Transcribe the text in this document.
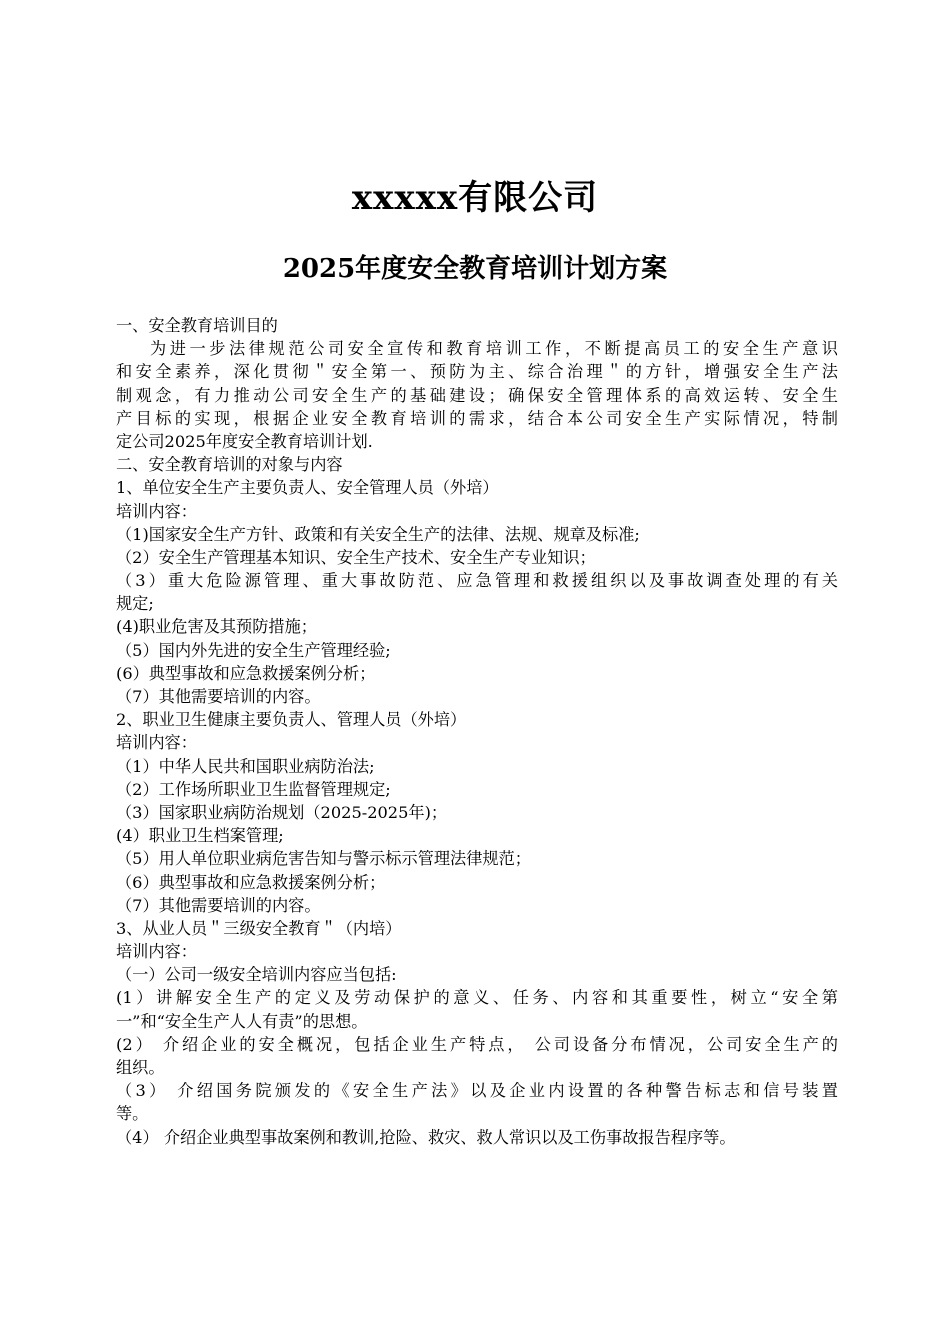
xxxxx有限公司
2025年度安全教育培训计划方案
一、安全教育培训目的
为进一步法律规范公司安全宣传和教育培训工作，不断提高员工的安全生产意识
和安全素养，深化贯彻＂安全第一、预防为主、综合治理＂的方针，增强安全生产法
制观念，有力推动公司安全生产的基础建设；确保安全管理体系的高效运转、安全生
产目标的实现，根据企业安全教育培训的需求，结合本公司安全生产实际情况，特制
定公司2025年度安全教育培训计划.
二、安全教育培训的对象与内容
1、单位安全生产主要负责人、安全管理人员（外培）
培训内容：
（1)国家安全生产方针、政策和有关安全生产的法律、法规、规章及标准;
（2）安全生产管理基本知识、安全生产技术、安全生产专业知识；
（3）重大危险源管理、重大事故防范、应急管理和救援组织以及事故调查处理的有关
规定;
(4)职业危害及其预防措施；
（5）国内外先进的安全生产管理经验;
(6）典型事故和应急救援案例分析；
（7）其他需要培训的内容。
2、职业卫生健康主要负责人、管理人员（外培）
培训内容：
（1）中华人民共和国职业病防治法;
（2）工作场所职业卫生监督管理规定;
（3）国家职业病防治规划（2025-2025年)；
(4）职业卫生档案管理;
（5）用人单位职业病危害告知与警示标示管理法律规范；
（6）典型事故和应急救援案例分析；
（7）其他需要培训的内容。
3、从业人员＂三级安全教育＂（内培）
培训内容：
（一）公司一级安全培训内容应当包括:
(1）讲解安全生产的定义及劳动保护的意义、任务、内容和其重要性，树立“安全第
一”和“安全生产人人有责”的思想。
(2） 介绍企业的安全概况，包括企业生产特点， 公司设备分布情况，公司安全生产的
组织。
（3） 介绍国务院颁发的《安全生产法》以及企业内设置的各种警告标志和信号装置
等。
（4） 介绍企业典型事故案例和教训,抢险、救灾、救人常识以及工伤事故报告程序等。
